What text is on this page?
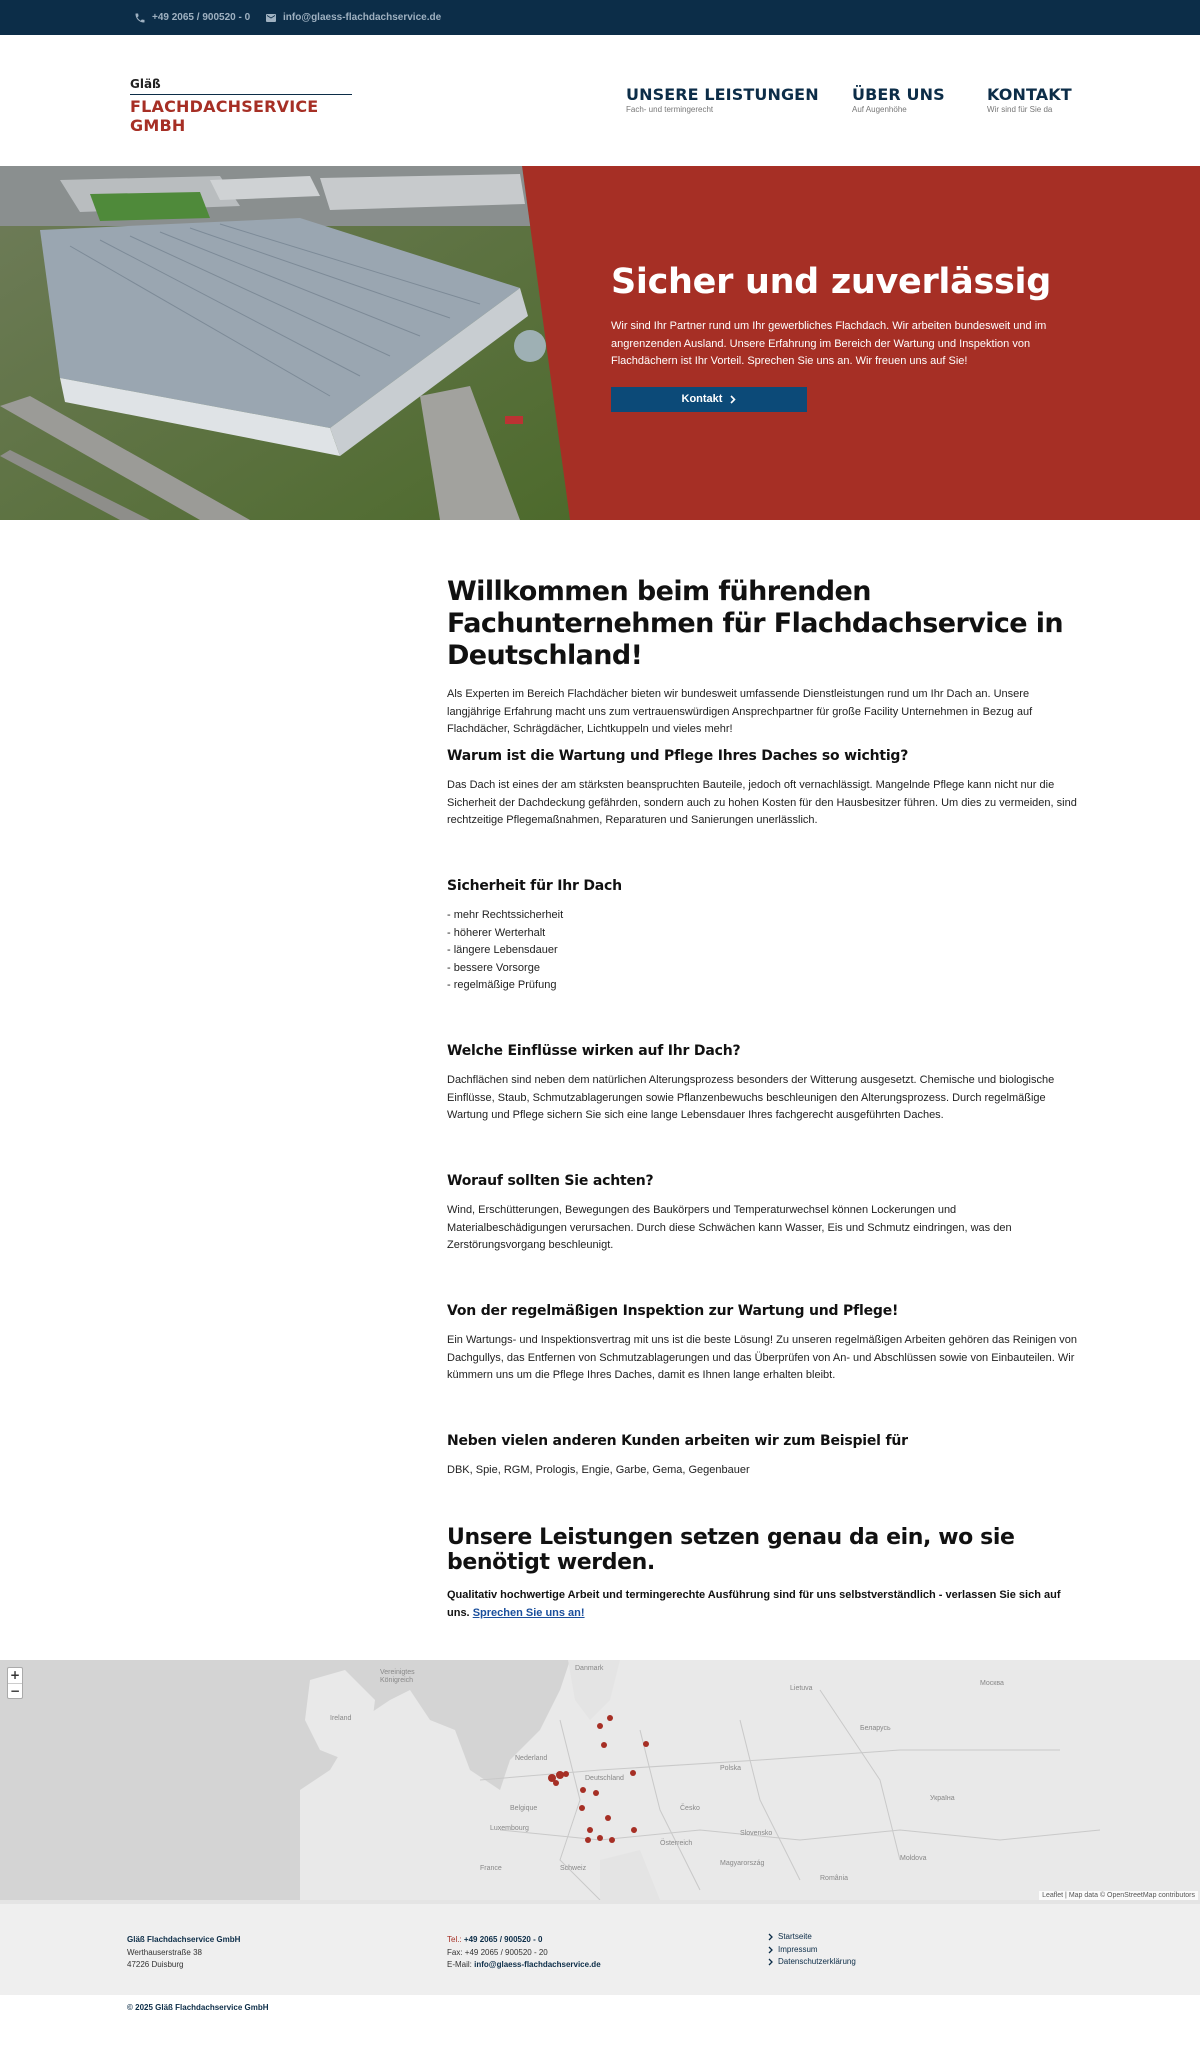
+49 2065 / 900520 - 0	info@glaess-flachdachservice.de
Gläß
FLACHDACHSERVICE GMBH
UNSERE LEISTUNGEN
Fach- und termingerecht
ÜBER UNS
Auf Augenhöhe
KONTAKT
Wir sind für Sie da
Sicher und zuverlässig
Wir sind Ihr Partner rund um Ihr gewerbliches Flachdach. Wir arbeiten bundesweit und im angrenzenden Ausland. Unsere Erfahrung im Bereich der Wartung und Inspektion von Flachdächern ist Ihr Vorteil. Sprechen Sie uns an. Wir freuen uns auf Sie!
Kontakt
Willkommen beim führenden Fachunternehmen für Flachdachservice in Deutschland!
Als Experten im Bereich Flachdächer bieten wir bundesweit umfassende Dienstleistungen rund um Ihr Dach an. Unsere langjährige Erfahrung macht uns zum vertrauenswürdigen Ansprechpartner für große Facility Unternehmen in Bezug auf Flachdächer, Schrägdächer, Lichtkuppeln und vieles mehr!
Warum ist die Wartung und Pflege Ihres Daches so wichtig?
Das Dach ist eines der am stärksten beanspruchten Bauteile, jedoch oft vernachlässigt. Mangelnde Pflege kann nicht nur die Sicherheit der Dachdeckung gefährden, sondern auch zu hohen Kosten für den Hausbesitzer führen. Um dies zu vermeiden, sind rechtzeitige Pflegemaßnahmen, Reparaturen und Sanierungen unerlässlich.
Sicherheit für Ihr Dach
- mehr Rechtssicherheit
- höherer Werterhalt
- längere Lebensdauer
- bessere Vorsorge
- regelmäßige Prüfung
Welche Einflüsse wirken auf Ihr Dach?
Dachflächen sind neben dem natürlichen Alterungsprozess besonders der Witterung ausgesetzt. Chemische und biologische Einflüsse, Staub, Schmutzablagerungen sowie Pflanzenbewuchs beschleunigen den Alterungsprozess. Durch regelmäßige Wartung und Pflege sichern Sie sich eine lange Lebensdauer Ihres fachgerecht ausgeführten Daches.
Worauf sollten Sie achten?
Wind, Erschütterungen, Bewegungen des Baukörpers und Temperaturwechsel können Lockerungen und Materialbeschädigungen verursachen. Durch diese Schwächen kann Wasser, Eis und Schmutz eindringen, was den Zerstörungsvorgang beschleunigt.
Von der regelmäßigen Inspektion zur Wartung und Pflege!
Ein Wartungs- und Inspektionsvertrag mit uns ist die beste Lösung! Zu unseren regelmäßigen Arbeiten gehören das Reinigen von Dachgullys, das Entfernen von Schmutzablagerungen und das Überprüfen von An- und Abschlüssen sowie von Einbauteilen. Wir kümmern uns um die Pflege Ihres Daches, damit es Ihnen lange erhalten bleibt.
Neben vielen anderen Kunden arbeiten wir zum Beispiel für
DBK, Spie, RGM, Prologis, Engie, Garbe, Gema, Gegenbauer
Unsere Leistungen setzen genau da ein, wo sie benötigt werden.
Qualitativ hochwertige Arbeit und termingerechte Ausführung sind für uns selbstverständlich - verlassen Sie sich auf uns. Sprechen Sie uns an!
Danmark
Vereinigtes
Königreich
Ireland
Nederland
Deutschland
Polska
Česko
France
Österreich
Magyarország
Slovensko
Україна
Беларусь
Moldova
România
Schweiz
Belgique
Luxembourg
Москва
Lietuva
+
−
Leaflet | Map data © OpenStreetMap contributors
Gläß Flachdachservice GmbH
Werthauserstraße 38
47226 Duisburg
Tel.: +49 2065 / 900520 - 0
Fax: +49 2065 / 900520 - 20
E-Mail: info@glaess-flachdachservice.de
Startseite
Impressum
Datenschutzerklärung
© 2025 Gläß Flachdachservice GmbH
